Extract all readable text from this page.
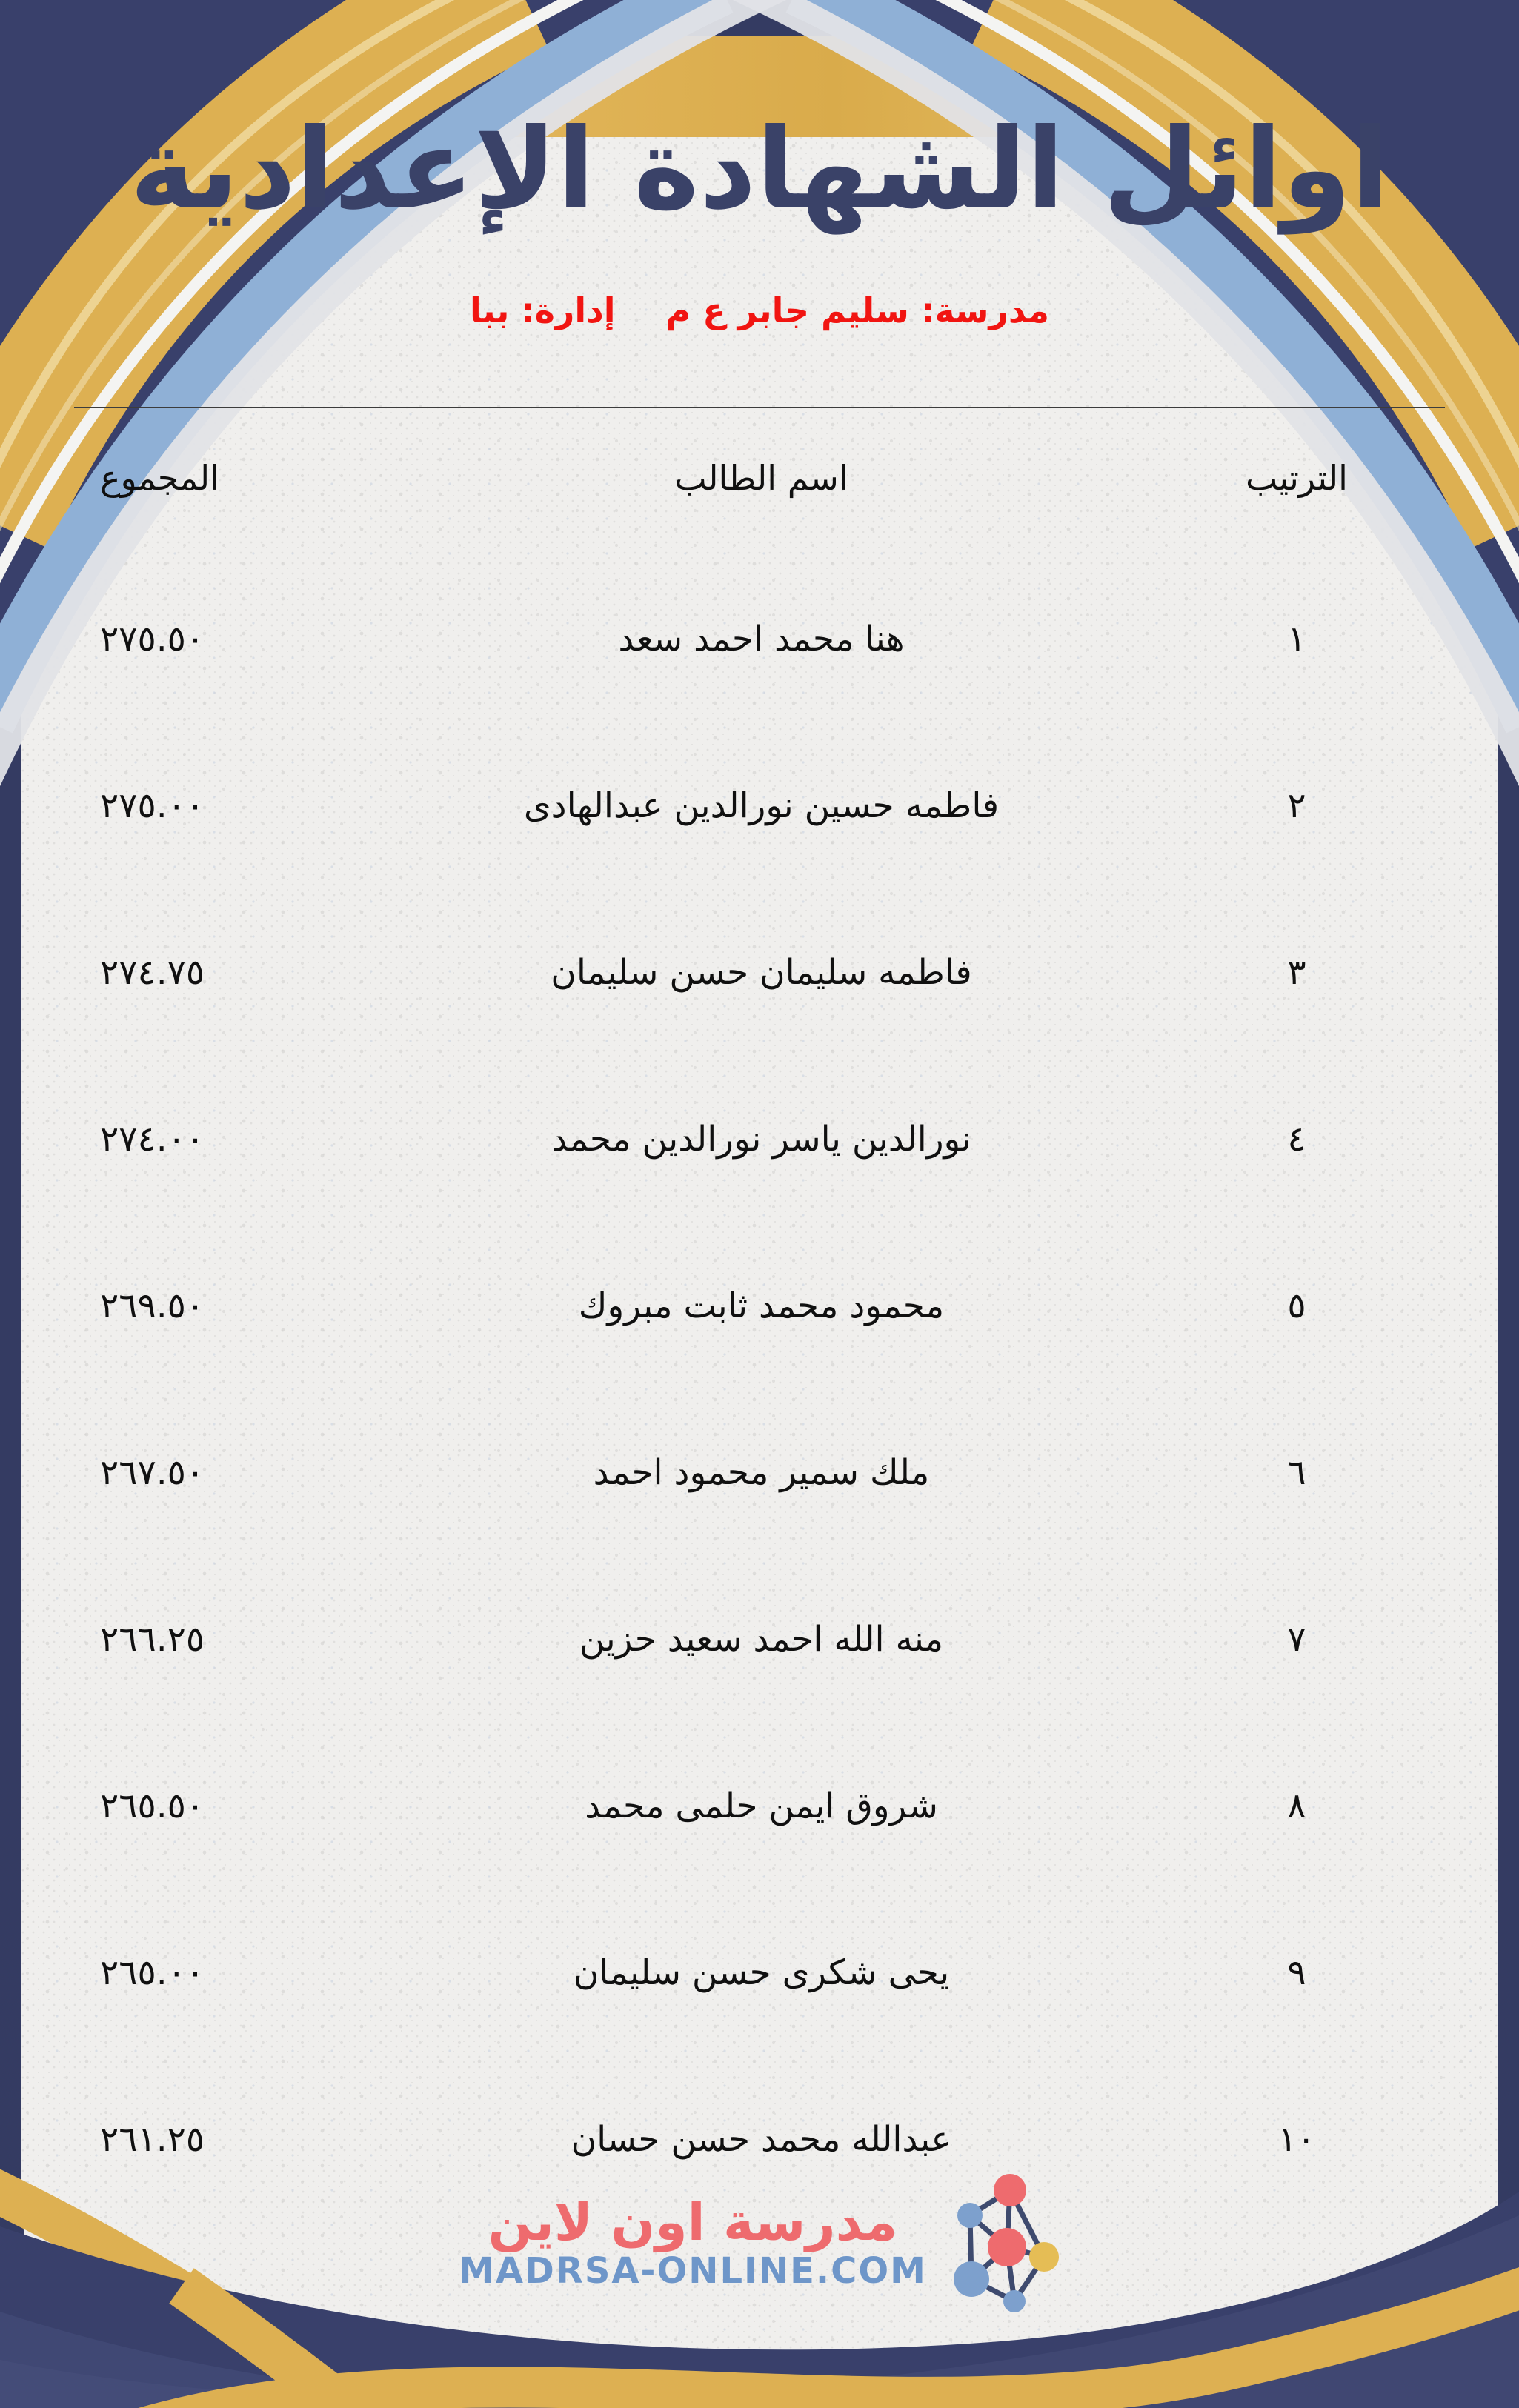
اوائل الشهادة الإعدادية
مدرسة: سليم جابر ع م
إدارة: ببا
الترتيب
اسم الطالب
المجموع
١
هنا محمد احمد سعد
٢٧٥.٥٠
٢
فاطمه حسين نورالدين عبدالهادى
٢٧٥.٠٠
٣
فاطمه سليمان حسن سليمان
٢٧٤.٧٥
٤
نورالدين ياسر نورالدين محمد
٢٧٤.٠٠
٥
محمود محمد ثابت مبروك
٢٦٩.٥٠
٦
ملك سمير محمود احمد
٢٦٧.٥٠
٧
منه الله احمد سعيد حزين
٢٦٦.٢٥
٨
شروق ايمن حلمى محمد
٢٦٥.٥٠
٩
يحى شكرى حسن سليمان
٢٦٥.٠٠
١٠
عبدالله محمد حسن حسان
٢٦١.٢٥
مدرسة اون لاين
MADRSA-ONLINE.COM
